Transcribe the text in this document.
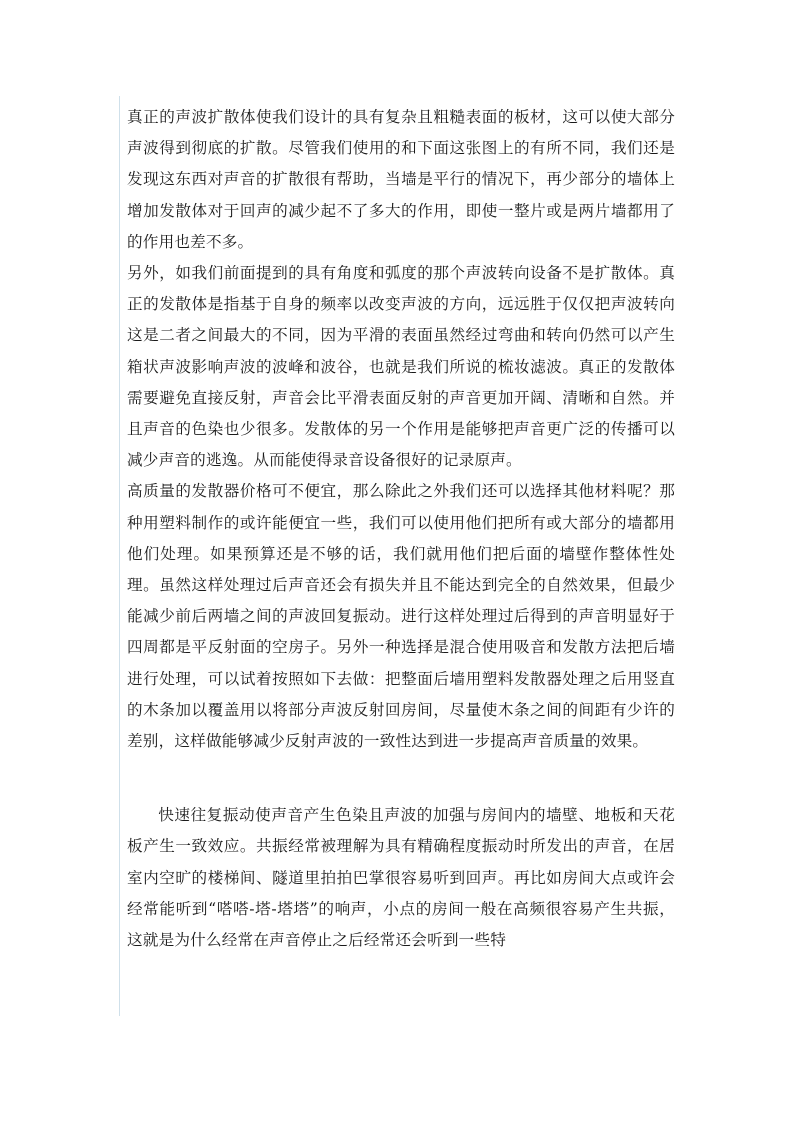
真正的声波扩散体使我们设计的具有复杂且粗糙表面的板材，这可以使大部分声波得到彻底的扩散。尽管我们使用的和下面这张图上的有所不同，我们还是发现这东西对声音的扩散很有帮助，当墙是平行的情况下，再少部分的墙体上增加发散体对于回声的减少起不了多大的作用，即使一整片或是两片墙都用了的作用也差不多。

另外，如我们前面提到的具有角度和弧度的那个声波转向设备不是扩散体。真正的发散体是指基于自身的频率以改变声波的方向，远远胜于仅仅把声波转向这是二者之间最大的不同，因为平滑的表面虽然经过弯曲和转向仍然可以产生箱状声波影响声波的波峰和波谷，也就是我们所说的梳妆滤波。真正的发散体需要避免直接反射，声音会比平滑表面反射的声音更加开阔、清晰和自然。并且声音的色染也少很多。发散体的另一个作用是能够把声音更广泛的传播可以减少声音的逃逸。从而能使得录音设备很好的记录原声。

高质量的发散器价格可不便宜，那么除此之外我们还可以选择其他材料呢？那种用塑料制作的或许能便宜一些，我们可以使用他们把所有或大部分的墙都用他们处理。如果预算还是不够的话，我们就用他们把后面的墙壁作整体性处理。虽然这样处理过后声音还会有损失并且不能达到完全的自然效果，但最少能减少前后两墙之间的声波回复振动。进行这样处理过后得到的声音明显好于四周都是平反射面的空房子。另外一种选择是混合使用吸音和发散方法把后墙进行处理，可以试着按照如下去做：把整面后墙用塑料发散器处理之后用竖直的木条加以覆盖用以将部分声波反射回房间，尽量使木条之间的间距有少许的差别，这样做能够减少反射声波的一致性达到进一步提高声音质量的效果。

快速往复振动使声音产生色染且声波的加强与房间内的墙壁、地板和天花板产生一致效应。共振经常被理解为具有精确程度振动时所发出的声音，在居室内空旷的楼梯间、隧道里拍拍巴掌很容易听到回声。再比如房间大点或许会经常能听到“嗒嗒-塔-塔塔”的响声，小点的房间一般在高频很容易产生共振，这就是为什么经常在声音停止之后经常还会听到一些特
